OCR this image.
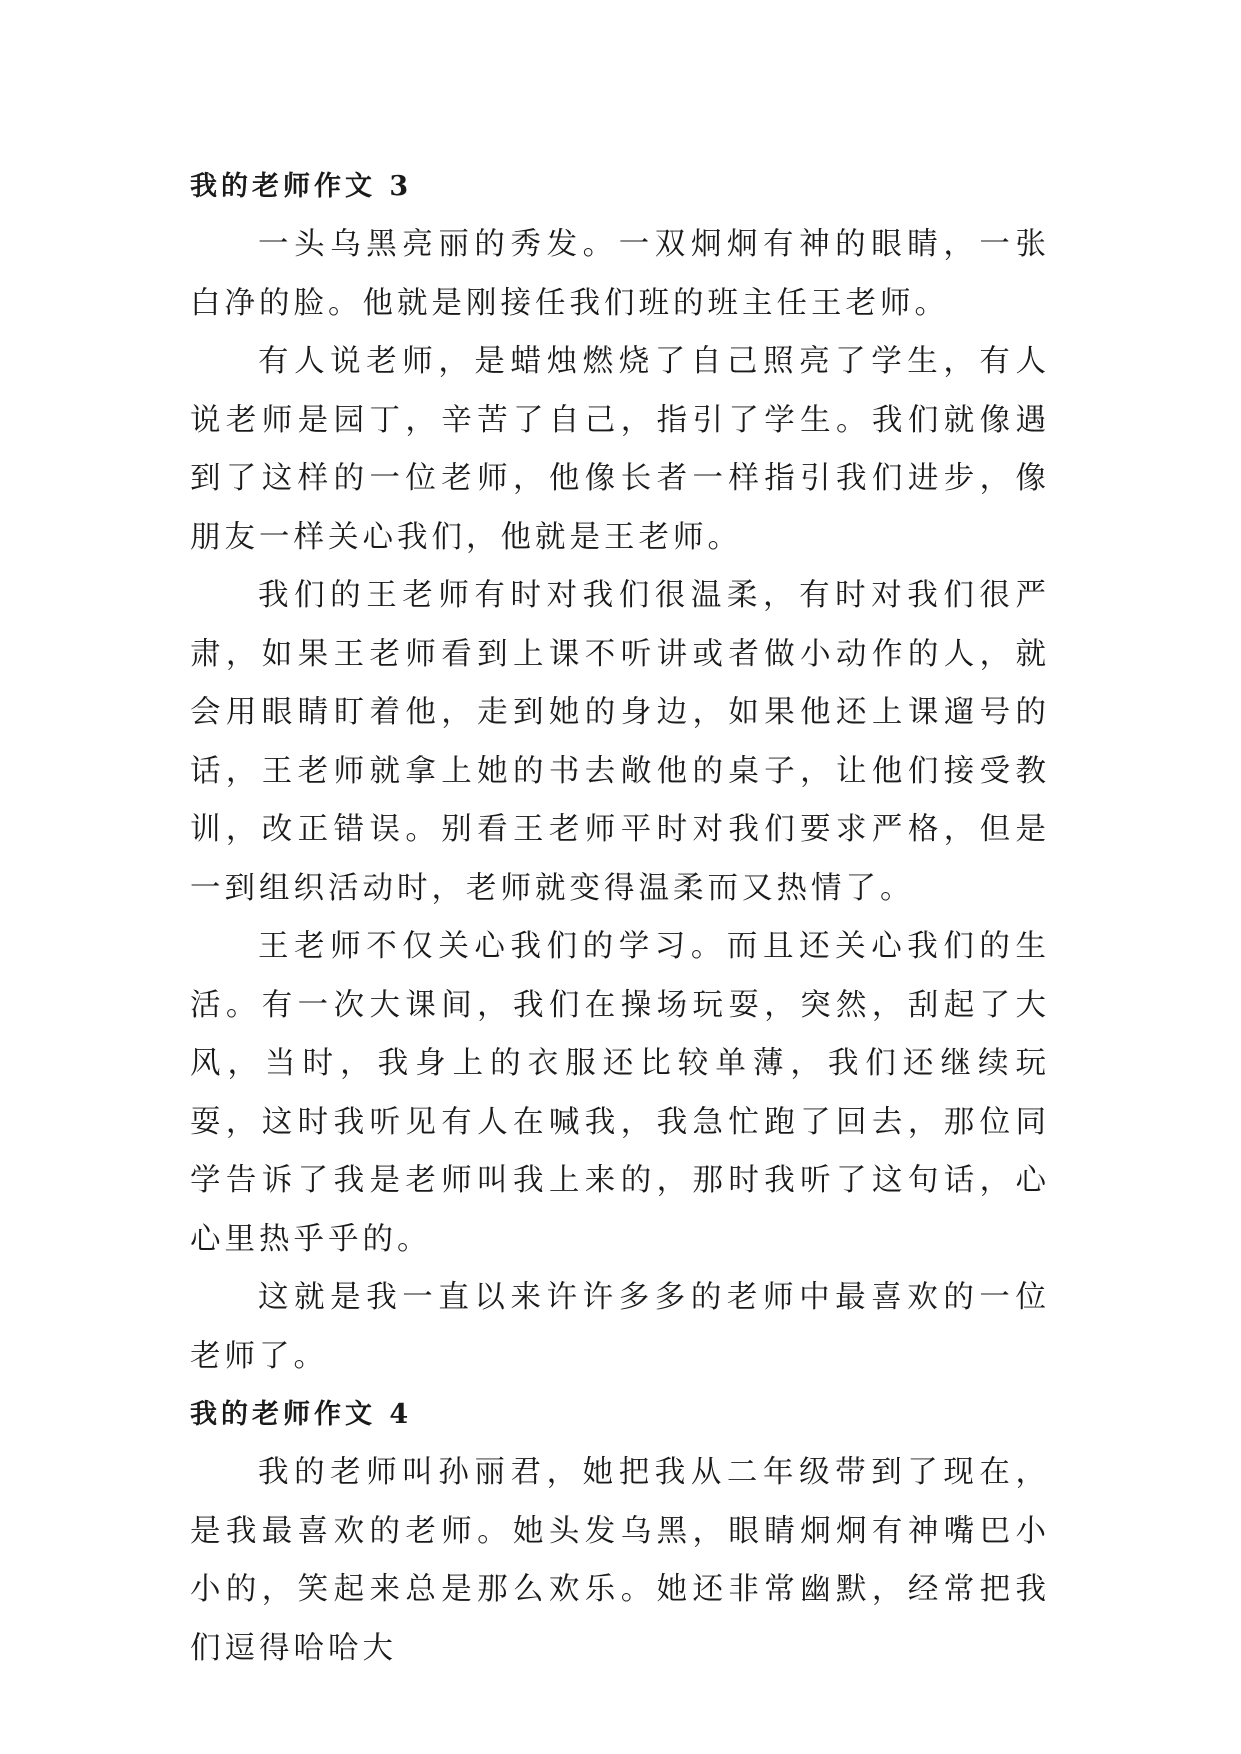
我的老师作文 3

一头乌黑亮丽的秀发。一双炯炯有神的眼睛，一张白净的脸。他就是刚接任我们班的班主任王老师。

有人说老师，是蜡烛燃烧了自己照亮了学生，有人说老师是园丁，辛苦了自己，指引了学生。我们就像遇到了这样的一位老师，他像长者一样指引我们进步，像朋友一样关心我们，他就是王老师。

我们的王老师有时对我们很温柔，有时对我们很严肃，如果王老师看到上课不听讲或者做小动作的人，就会用眼睛盯着他，走到她的身边，如果他还上课遛号的话，王老师就拿上她的书去敞他的桌子，让他们接受教训，改正错误。别看王老师平时对我们要求严格，但是一到组织活动时，老师就变得温柔而又热情了。

王老师不仅关心我们的学习。而且还关心我们的生活。有一次大课间，我们在操场玩耍，突然，刮起了大风，当时，我身上的衣服还比较单薄，我们还继续玩耍，这时我听见有人在喊我，我急忙跑了回去，那位同学告诉了我是老师叫我上来的，那时我听了这句话，心心里热乎乎的。

这就是我一直以来许许多多的老师中最喜欢的一位老师了。

我的老师作文 4

我的老师叫孙丽君，她把我从二年级带到了现在，是我最喜欢的老师。她头发乌黑，眼睛炯炯有神嘴巴小小的，笑起来总是那么欢乐。她还非常幽默，经常把我们逗得哈哈大
